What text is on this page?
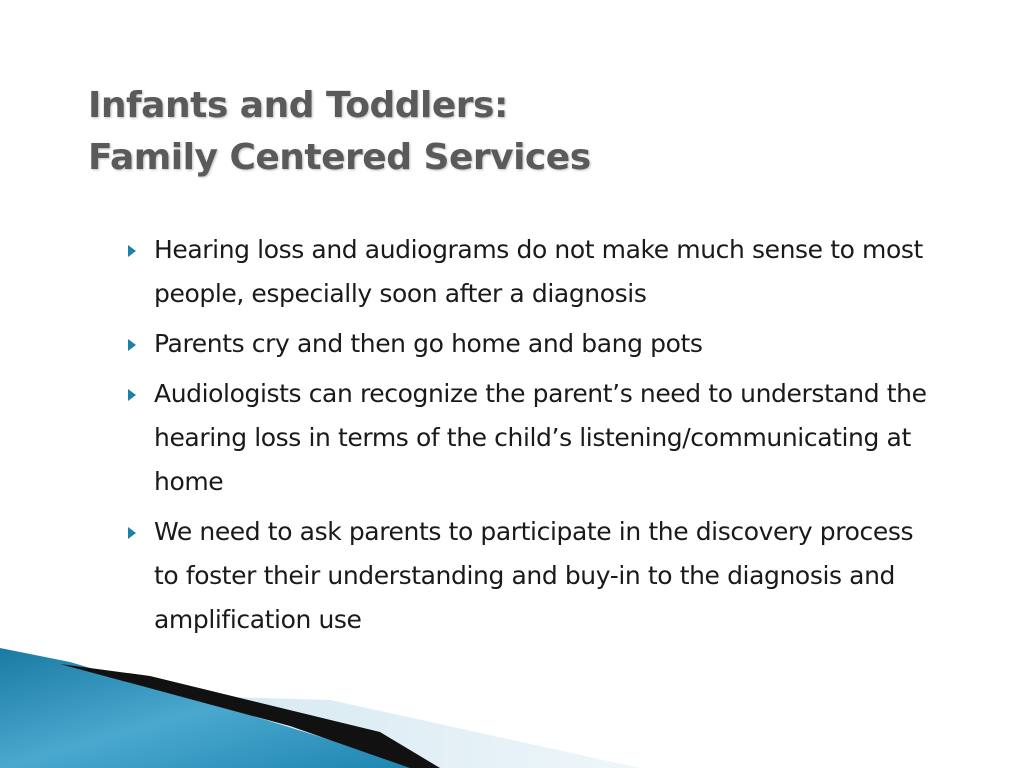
Infants and Toddlers:
Family Centered Services
Hearing loss and audiograms do not make much sense to most people, especially soon after a diagnosis
Parents cry and then go home and bang pots
Audiologists can recognize the parent’s need to understand the hearing loss in terms of the child’s listening/communicating at home
We need to ask parents to participate in the discovery process to foster their understanding and buy-in to the diagnosis and amplification use
